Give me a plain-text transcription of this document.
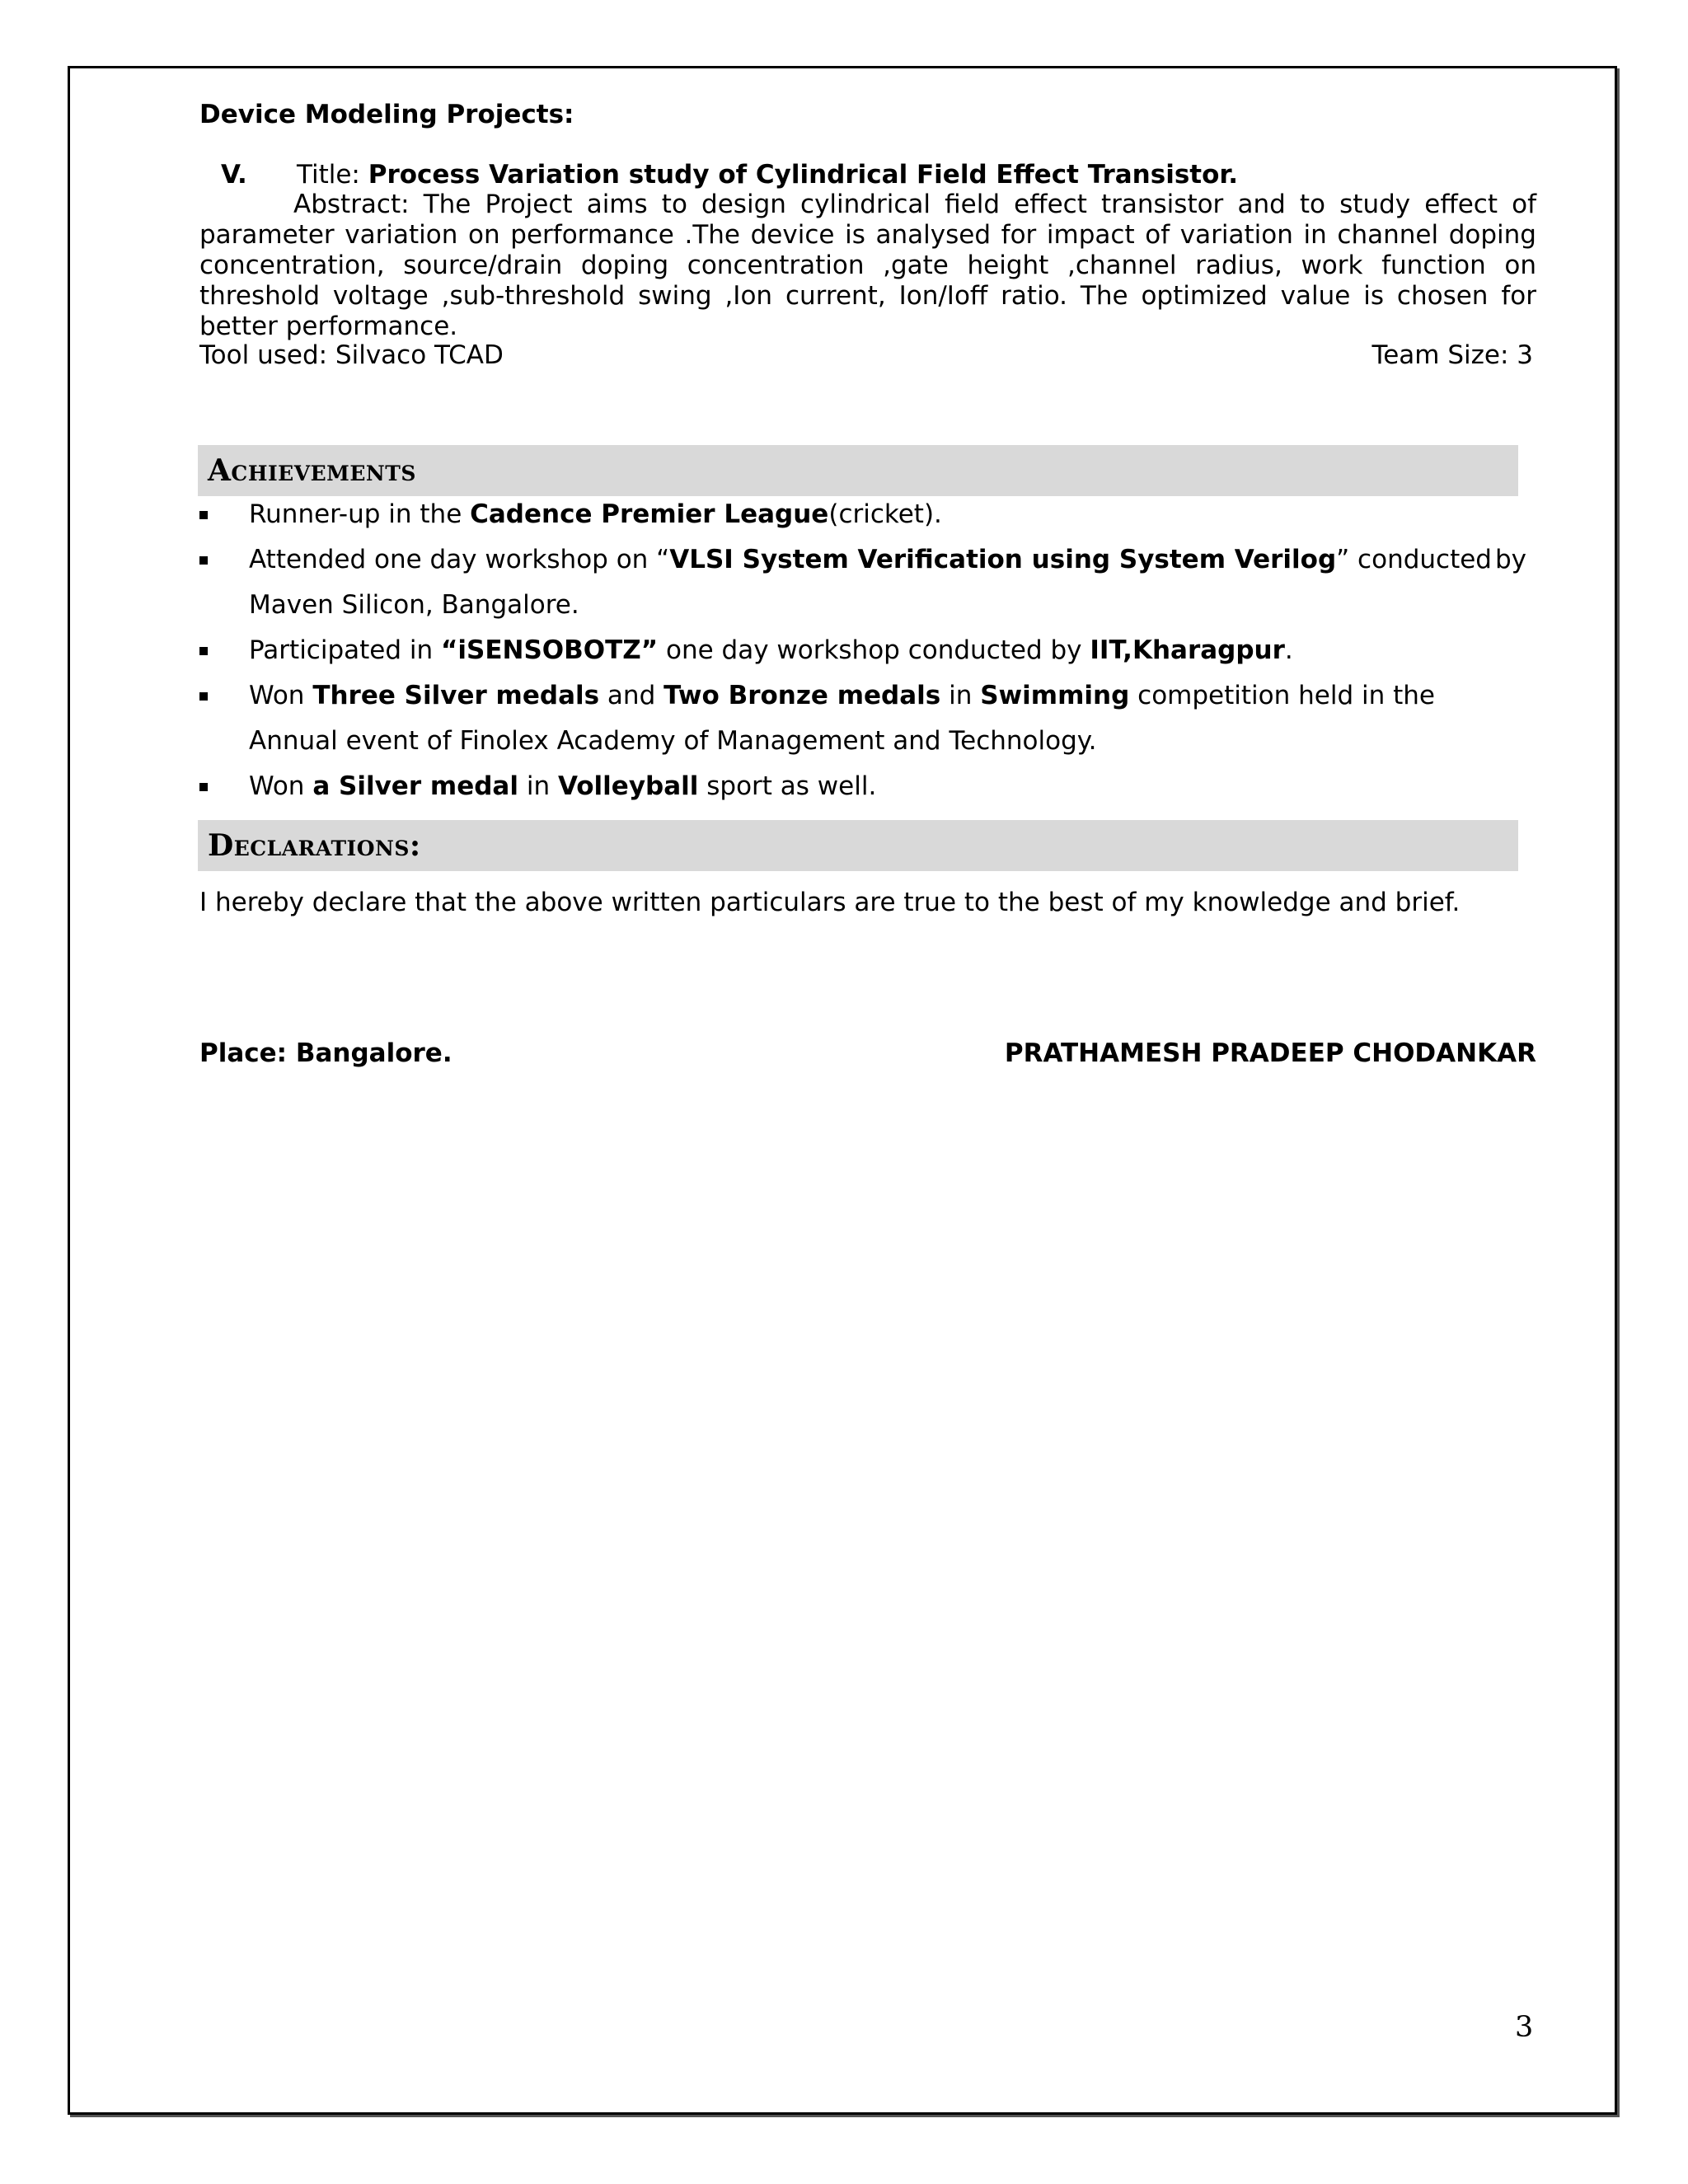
Device Modeling Projects:
V. Title: Process Variation study of Cylindrical Field Effect Transistor.
Abstract: The Project aims to design cylindrical field effect transistor and to study effect of parameter variation on performance .The device is analysed for impact of variation in channel doping concentration, source/drain doping concentration ,gate height ,channel radius, work function on threshold voltage ,sub-threshold swing ,Ion current, Ion/Ioff ratio. The optimized value is chosen for better performance.
Tool used: Silvaco TCAD	Team Size: 3
Achievements
Runner-up in the Cadence Premier League(cricket).
Attended one day workshop on “VLSI System Verification using System Verilog” conducted by

Maven Silicon, Bangalore.
Participated in “iSENSOBOTZ” one day workshop conducted by IIT,Kharagpur.
Won Three Silver medals and Two Bronze medals in Swimming competition held in the Annual event of Finolex Academy of Management and Technology.
Won a Silver medal in Volleyball sport as well.
Declarations:
I hereby declare that the above written particulars are true to the best of my knowledge and brief.
Place: Bangalore.	PRATHAMESH PRADEEP CHODANKAR
3
